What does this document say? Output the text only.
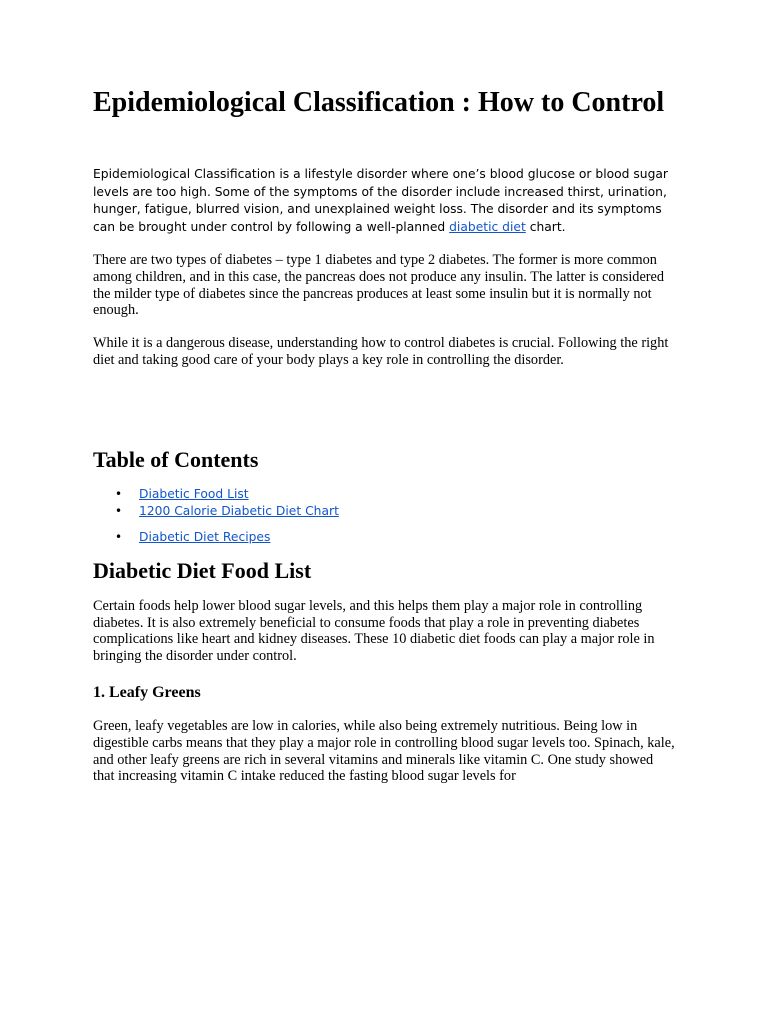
Epidemiological Classification : How to Control

Epidemiological Classification is a lifestyle disorder where one’s blood glucose or blood sugar levels are too high. Some of the symptoms of the disorder include increased thirst, urination, hunger, fatigue, blurred vision, and unexplained weight loss. The disorder and its symptoms can be brought under control by following a well-planned diabetic diet chart.

There are two types of diabetes – type 1 diabetes and type 2 diabetes. The former is more common among children, and in this case, the pancreas does not produce any insulin. The latter is considered the milder type of diabetes since the pancreas produces at least some insulin but it is normally not enough.

While it is a dangerous disease, understanding how to control diabetes is crucial. Following the right diet and taking good care of your body plays a key role in controlling the disorder.

Table of Contents
• Diabetic Food List
• 1200 Calorie Diabetic Diet Chart
• Diabetic Diet Recipes
Diabetic Diet Food List

Certain foods help lower blood sugar levels, and this helps them play a major role in controlling diabetes. It is also extremely beneficial to consume foods that play a role in preventing diabetes complications like heart and kidney diseases. These 10 diabetic diet foods can play a major role in bringing the disorder under control.

1. Leafy Greens

Green, leafy vegetables are low in calories, while also being extremely nutritious. Being low in digestible carbs means that they play a major role in controlling blood sugar levels too. Spinach, kale, and other leafy greens are rich in several vitamins and minerals like vitamin C. One study showed that increasing vitamin C intake reduced the fasting blood sugar levels for
